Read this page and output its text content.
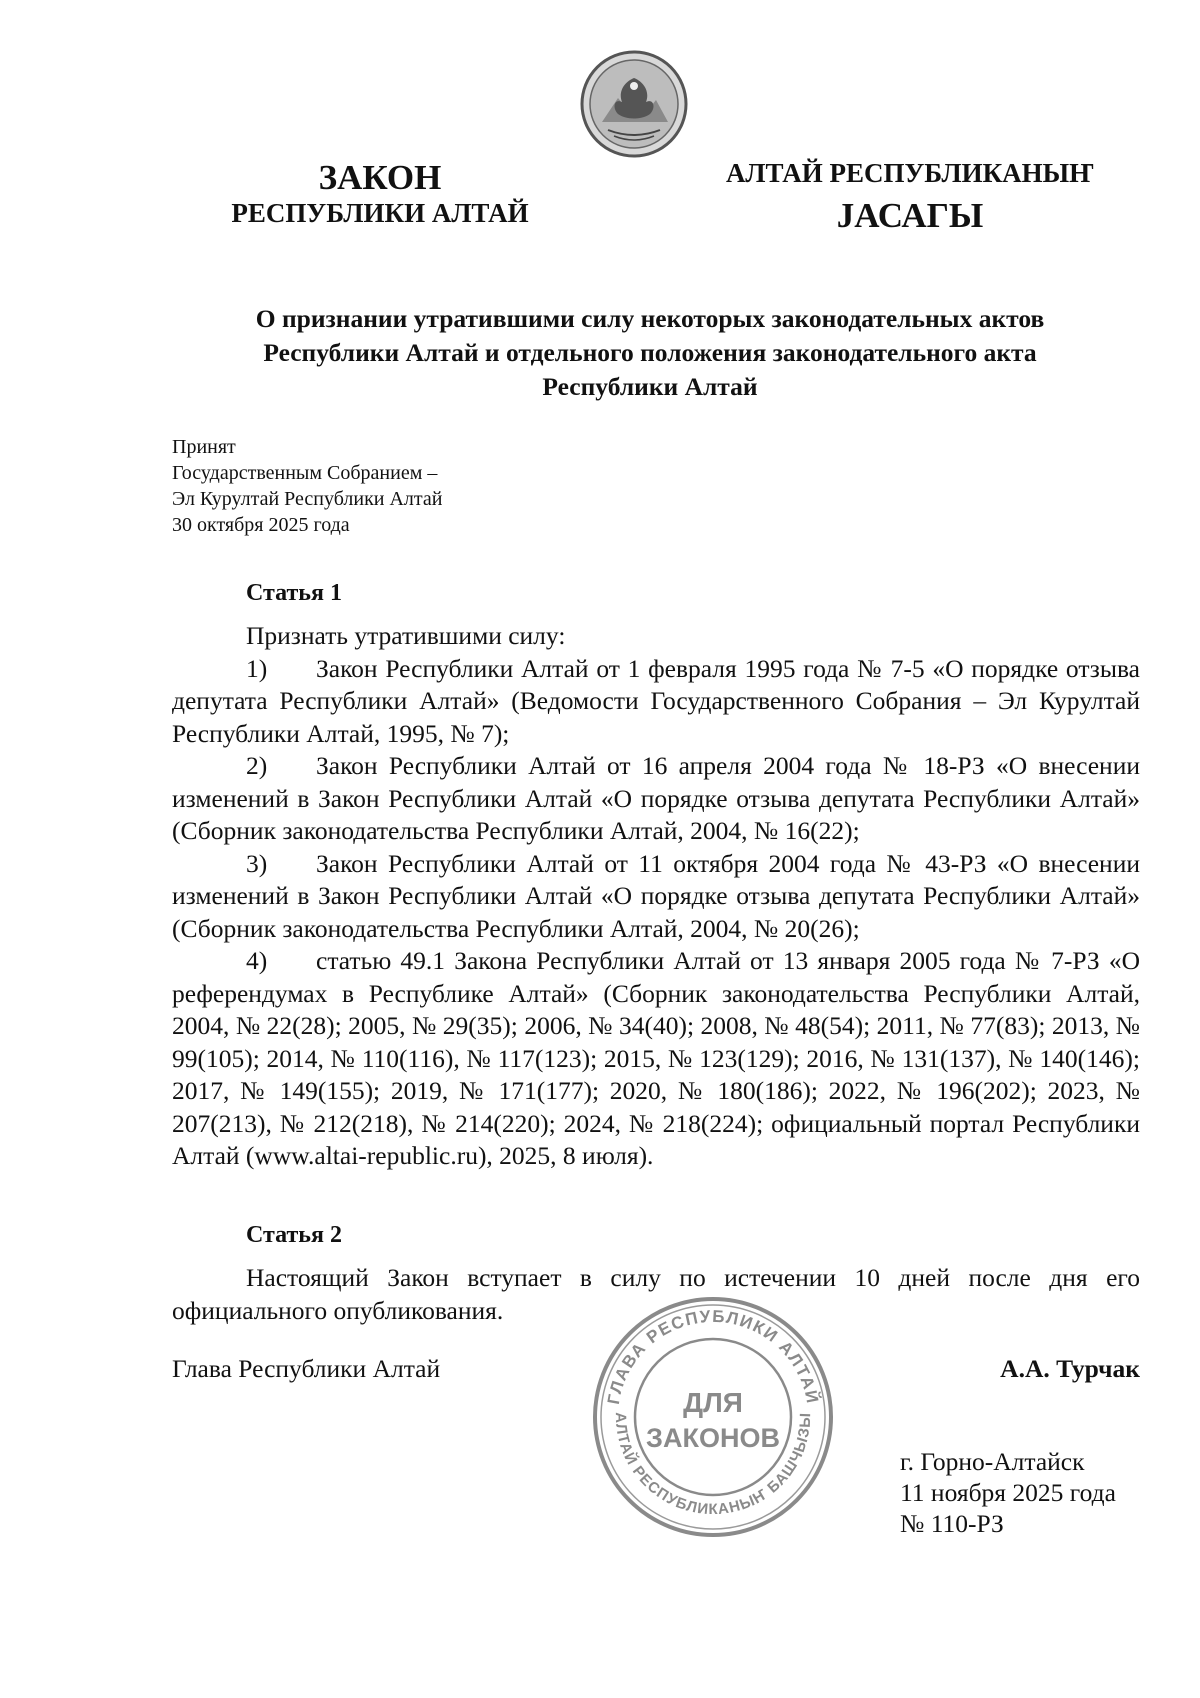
ЗАКОН
РЕСПУБЛИКИ АЛТАЙ
АЛТАЙ РЕСПУБЛИКАНЫҤ
ЈАСАГЫ
О признании утратившими силу некоторых законодательных актов
Республики Алтай и отдельного положения законодательного акта
Республики Алтай
Принят
Государственным Собранием –
Эл Курултай Республики Алтай
30 октября 2025 года
Статья 1
Признать утратившими силу:
1) Закон Республики Алтай от 1 февраля 1995 года № 7-5 «О порядке отзыва депутата Республики Алтай» (Ведомости Государственного Собрания – Эл Курултай Республики Алтай, 1995, № 7);
2) Закон Республики Алтай от 16 апреля 2004 года № 18-РЗ «О внесении изменений в Закон Республики Алтай «О порядке отзыва депутата Республики Алтай» (Сборник законодательства Республики Алтай, 2004, № 16(22);
3) Закон Республики Алтай от 11 октября 2004 года № 43-РЗ «О внесении изменений в Закон Республики Алтай «О порядке отзыва депутата Республики Алтай» (Сборник законодательства Республики Алтай, 2004, № 20(26);
4) статью 49.1 Закона Республики Алтай от 13 января 2005 года № 7-РЗ «О референдумах в Республике Алтай» (Сборник законодательства Республики Алтай, 2004, № 22(28); 2005, № 29(35); 2006, № 34(40); 2008, № 48(54); 2011, № 77(83); 2013, № 99(105); 2014, № 110(116), № 117(123); 2015, № 123(129); 2016, № 131(137), № 140(146); 2017, № 149(155); 2019, № 171(177); 2020, № 180(186); 2022, № 196(202); 2023, № 207(213), № 212(218), № 214(220); 2024, № 218(224); официальный портал Республики Алтай (www.altai-republic.ru), 2025, 8 июля).
Статья 2
Настоящий Закон вступает в силу по истечении 10 дней после дня его официального опубликования.
ГЛАВА РЕСПУБЛИКИ АЛТАЙ
АЛТАЙ РЕСПУБЛИКАНЫҤ БАШЧЫЗЫ
ДЛЯ
ЗАКОНОВ
Глава Республики Алтай	А.А. Турчак
г. Горно-Алтайск
11 ноября 2025 года
№ 110-РЗ
